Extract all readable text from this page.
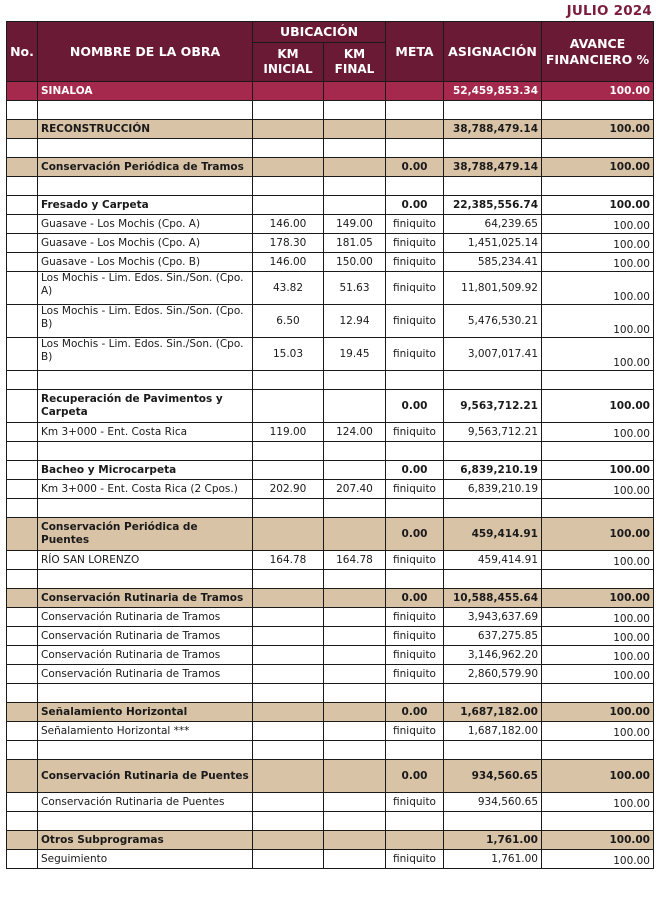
JULIO 2024
No.	NOMBRE DE LA OBRA	UBICACIÓN		META	ASIGNACIÓN	AVANCE FINANCIERO %
		KM INICIAL	KM FINAL			
	SINALOA				52,459,853.34	100.00

	RECONSTRUCCIÓN				38,788,479.14	100.00

	Conservación Periódica de Tramos			0.00	38,788,479.14	100.00

	Fresado y Carpeta			0.00	22,385,556.74	100.00
	Guasave - Los Mochis (Cpo. A)	146.00	149.00	finiquito	64,239.65	100.00
	Guasave - Los Mochis (Cpo. A)	178.30	181.05	finiquito	1,451,025.14	100.00
	Guasave - Los Mochis (Cpo. B)	146.00	150.00	finiquito	585,234.41	100.00
	Los Mochis - Lim. Edos. Sin./Son. (Cpo. A)	43.82	51.63	finiquito	11,801,509.92	100.00
	Los Mochis - Lim. Edos. Sin./Son. (Cpo. B)	6.50	12.94	finiquito	5,476,530.21	100.00
	Los Mochis - Lim. Edos. Sin./Son. (Cpo. B)	15.03	19.45	finiquito	3,007,017.41	100.00

	Recuperación de Pavimentos y Carpeta			0.00	9,563,712.21	100.00
	Km 3+000 - Ent. Costa Rica	119.00	124.00	finiquito	9,563,712.21	100.00

	Bacheo y Microcarpeta			0.00	6,839,210.19	100.00
	Km 3+000 - Ent. Costa Rica (2 Cpos.)	202.90	207.40	finiquito	6,839,210.19	100.00

	Conservación Periódica de Puentes			0.00	459,414.91	100.00
	RÍO SAN LORENZO	164.78	164.78	finiquito	459,414.91	100.00

	Conservación Rutinaria de Tramos			0.00	10,588,455.64	100.00
	Conservación Rutinaria de Tramos			finiquito	3,943,637.69	100.00
	Conservación Rutinaria de Tramos			finiquito	637,275.85	100.00
	Conservación Rutinaria de Tramos			finiquito	3,146,962.20	100.00
	Conservación Rutinaria de Tramos			finiquito	2,860,579.90	100.00

	Señalamiento Horizontal			0.00	1,687,182.00	100.00
	Señalamiento Horizontal ***			finiquito	1,687,182.00	100.00

	Conservación Rutinaria de Puentes			0.00	934,560.65	100.00
	Conservación Rutinaria de Puentes			finiquito	934,560.65	100.00

	Otros Subprogramas				1,761.00	100.00
	Seguimiento			finiquito	1,761.00	100.00
